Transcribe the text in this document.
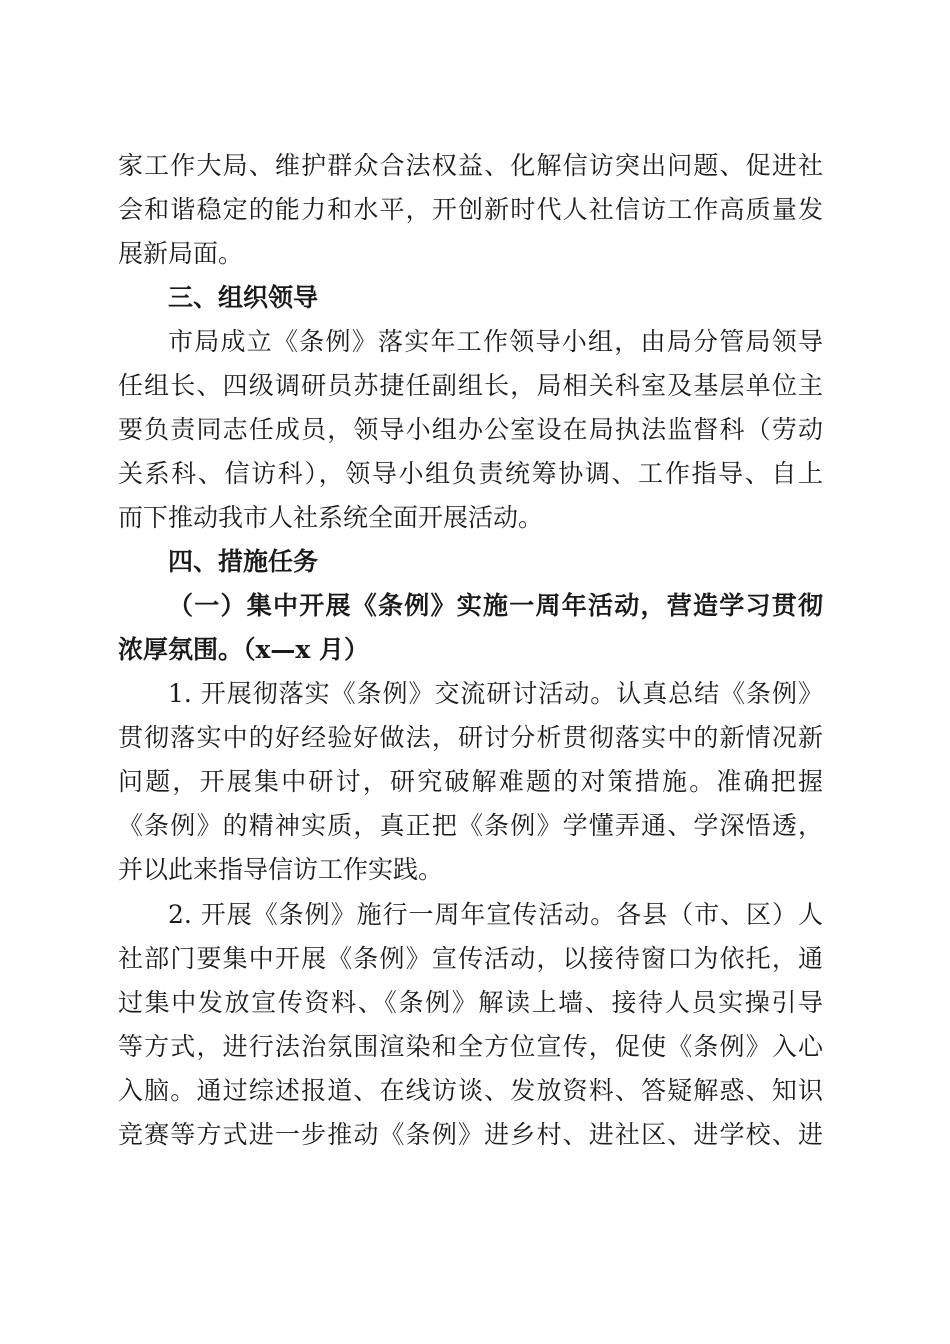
家工作大局、维护群众合法权益、化解信访突出问题、促进社
会和谐稳定的能力和水平，开创新时代人社信访工作高质量发
展新局面。
三、组织领导
市局成立《条例》落实年工作领导小组，由局分管局领导
任组长、四级调研员苏捷任副组长，局相关科室及基层单位主
要负责同志任成员，领导小组办公室设在局执法监督科（劳动
关系科、信访科），领导小组负责统筹协调、工作指导、自上
而下推动我市人社系统全面开展活动。
四、措施任务
（一）集中开展《条例》实施一周年活动，营造学习贯彻
浓厚氛围。（x—x 月）
1. 开展彻落实《条例》交流研讨活动。认真总结《条例》
贯彻落实中的好经验好做法，研讨分析贯彻落实中的新情况新
问题，开展集中研讨，研究破解难题的对策措施。准确把握
《条例》的精神实质，真正把《条例》学懂弄通、学深悟透，
并以此来指导信访工作实践。
2. 开展《条例》施行一周年宣传活动。各县（市、区）人
社部门要集中开展《条例》宣传活动，以接待窗口为依托，通
过集中发放宣传资料、《条例》解读上墙、接待人员实操引导
等方式，进行法治氛围渲染和全方位宣传，促使《条例》入心
入脑。通过综述报道、在线访谈、发放资料、答疑解惑、知识
竞赛等方式进一步推动《条例》进乡村、进社区、进学校、进
